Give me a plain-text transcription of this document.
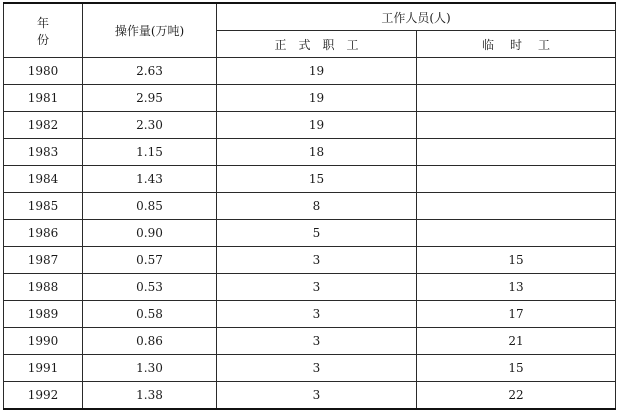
年 份	操作量(万吨)	工作人员(人)	
		正式职工	临时工
1980	2.63	19	
1981	2.95	19	
1982	2.30	19	
1983	1.15	18	
1984	1.43	15	
1985	0.85	8	
1986	0.90	5	
1987	0.57	3	15
1988	0.53	3	13
1989	0.58	3	17
1990	0.86	3	21
1991	1.30	3	15
1992	1.38	3	22
